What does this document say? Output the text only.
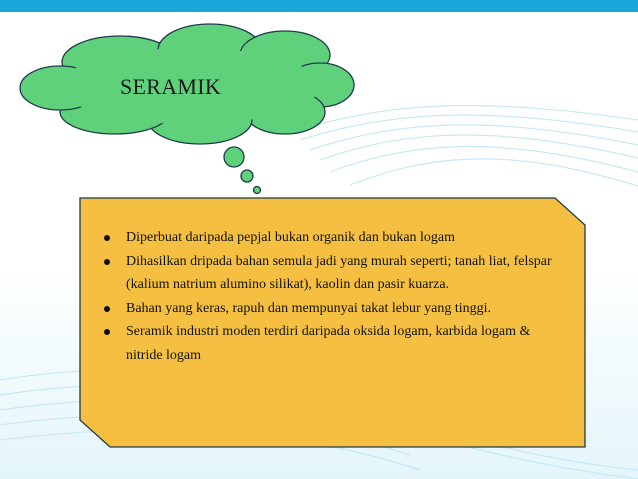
SERAMIK
Diperbuat daripada pepjal bukan organik dan bukan logam
Dihasilkan dripada bahan semula jadi yang murah seperti; tanah liat, felspar (kalium natrium alumino silikat), kaolin dan pasir kuarza.
Bahan yang keras, rapuh dan mempunyai takat lebur yang tinggi.
Seramik industri moden terdiri daripada oksida logam, karbida logam & nitride logam
